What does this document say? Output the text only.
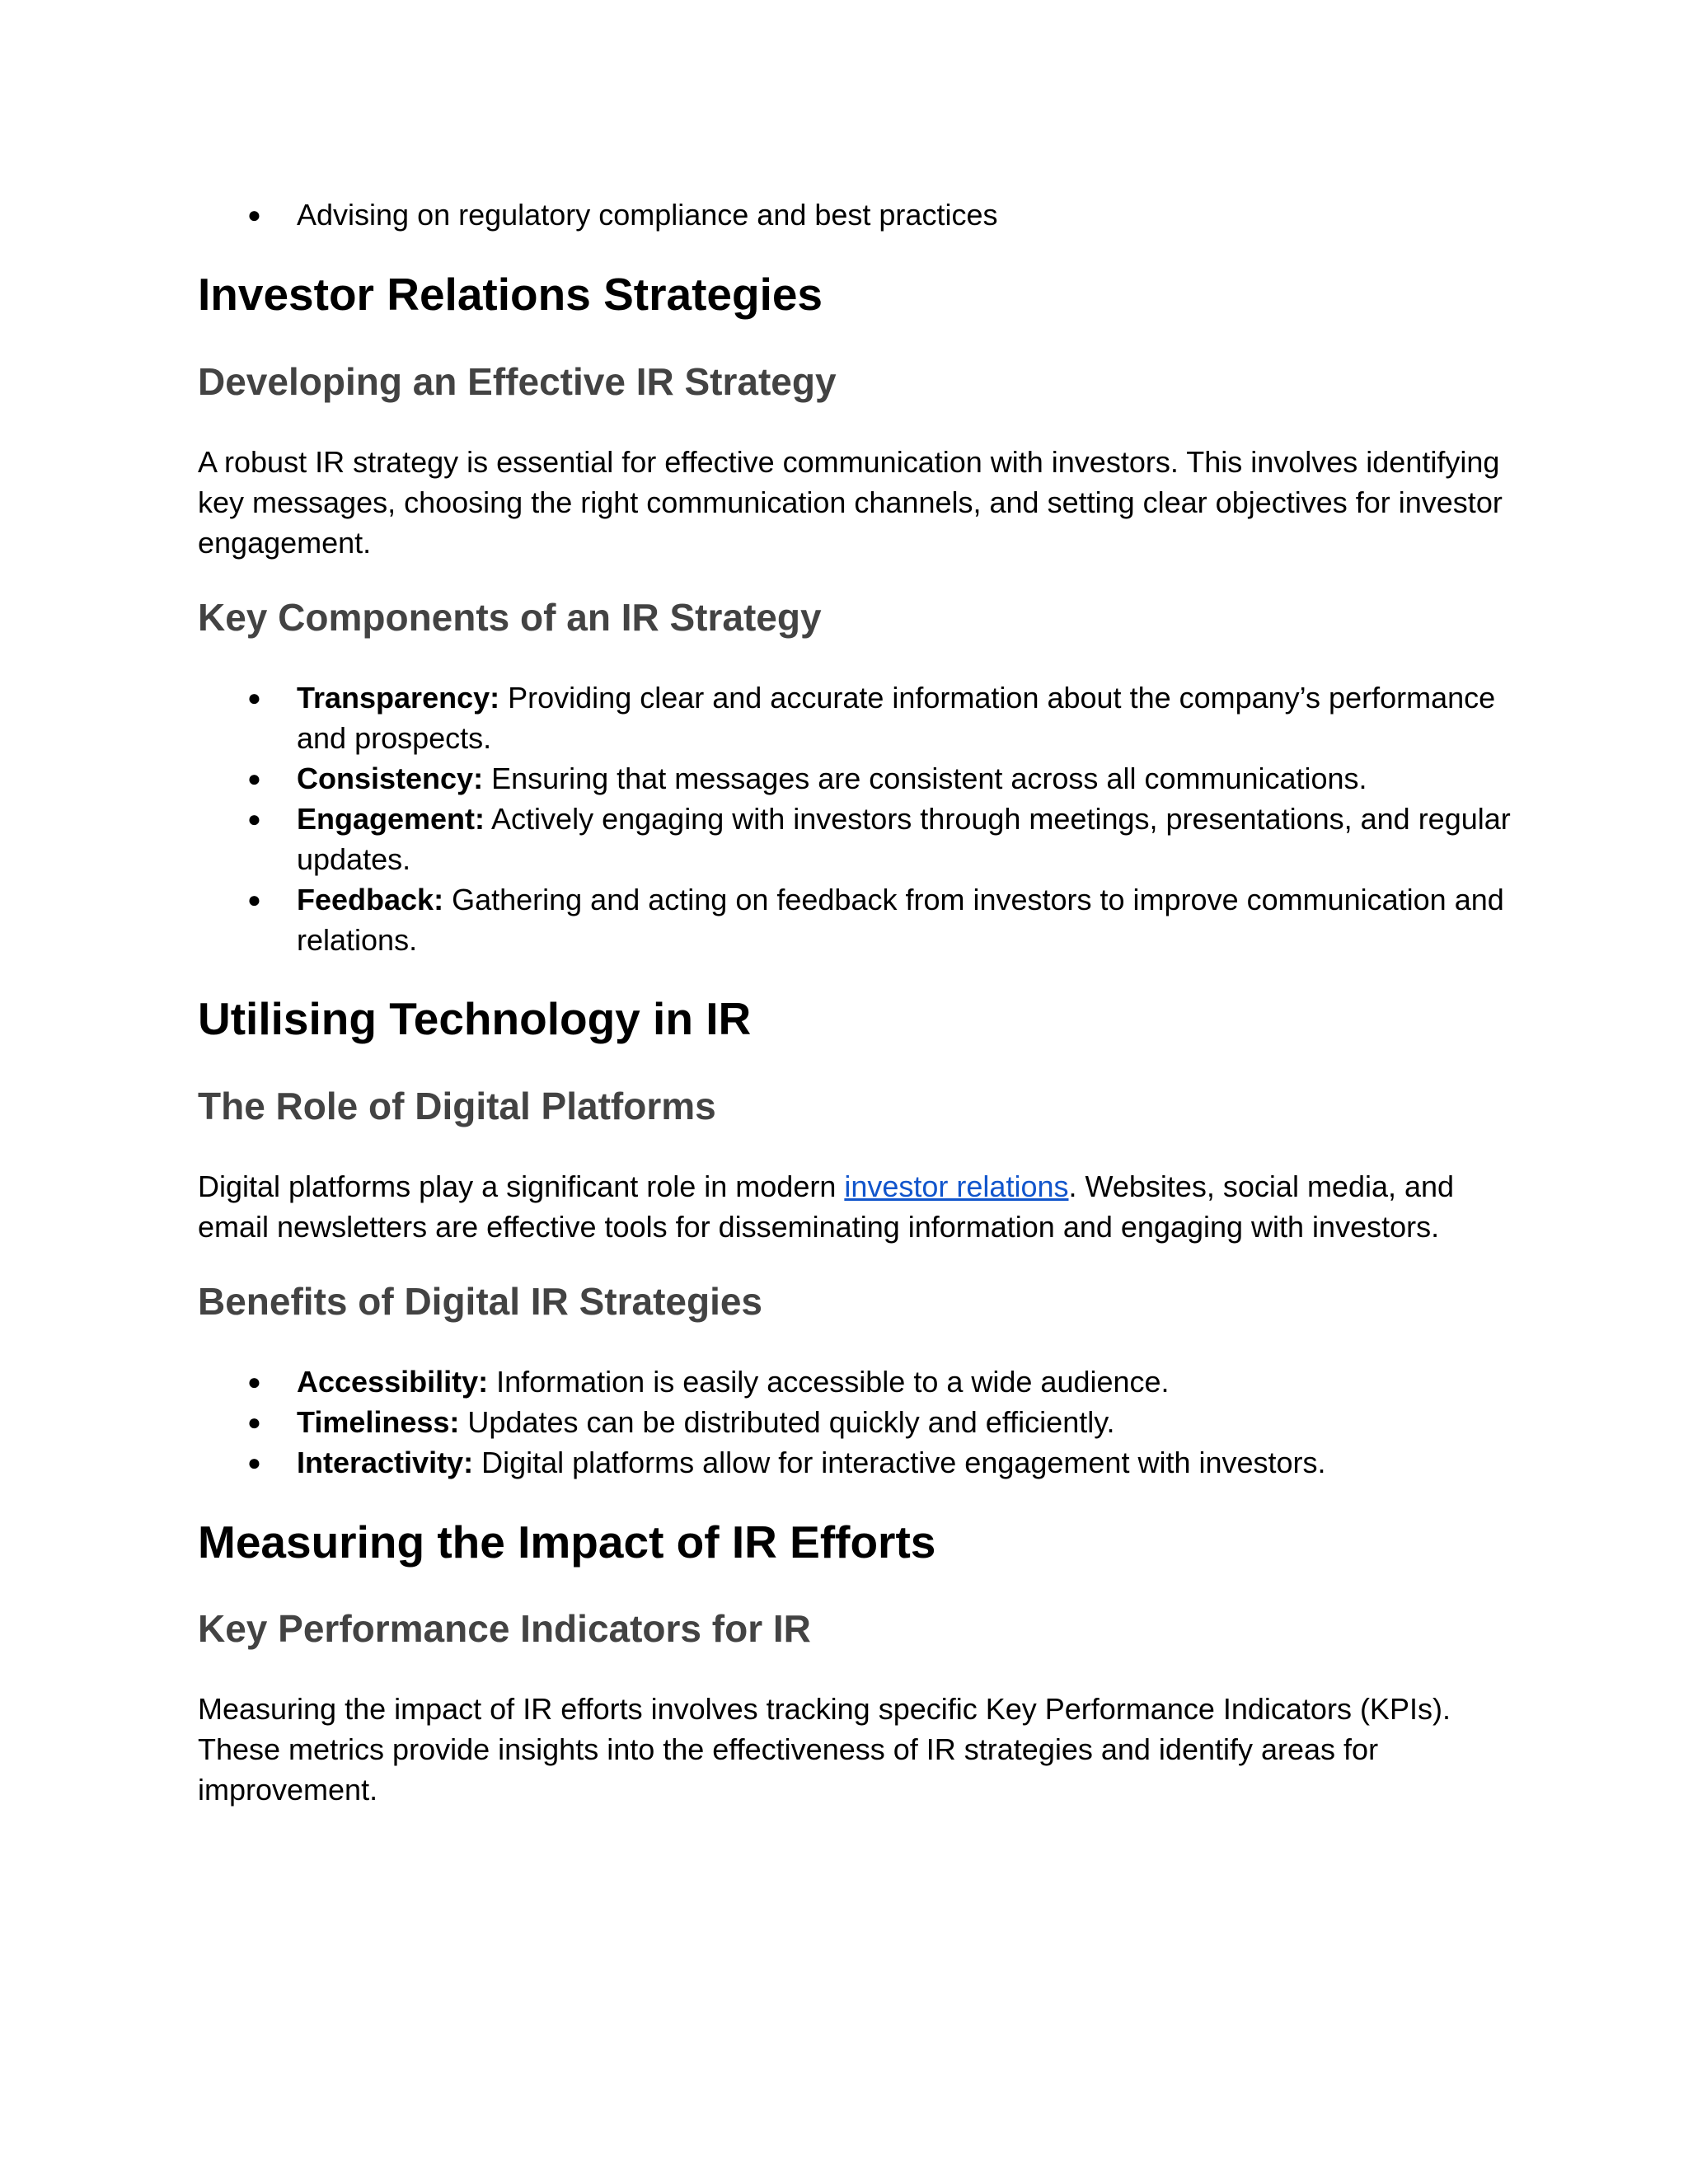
● Advising on regulatory compliance and best practices
Investor Relations Strategies
Developing an Effective IR Strategy

A robust IR strategy is essential for effective communication with investors. This involves identifying key messages, choosing the right communication channels, and setting clear objectives for investor engagement.

Key Components of an IR Strategy
● Transparency: Providing clear and accurate information about the company’s performance and prospects.
● Consistency: Ensuring that messages are consistent across all communications.
● Engagement: Actively engaging with investors through meetings, presentations, and regular updates.
● Feedback: Gathering and acting on feedback from investors to improve communication and relations.
Utilising Technology in IR
The Role of Digital Platforms

Digital platforms play a significant role in modern investor relations. Websites, social media, and email newsletters are effective tools for disseminating information and engaging with investors.

Benefits of Digital IR Strategies
● Accessibility: Information is easily accessible to a wide audience.
● Timeliness: Updates can be distributed quickly and efficiently.
● Interactivity: Digital platforms allow for interactive engagement with investors.
Measuring the Impact of IR Efforts
Key Performance Indicators for IR

Measuring the impact of IR efforts involves tracking specific Key Performance Indicators (KPIs). These metrics provide insights into the effectiveness of IR strategies and identify areas for improvement.
